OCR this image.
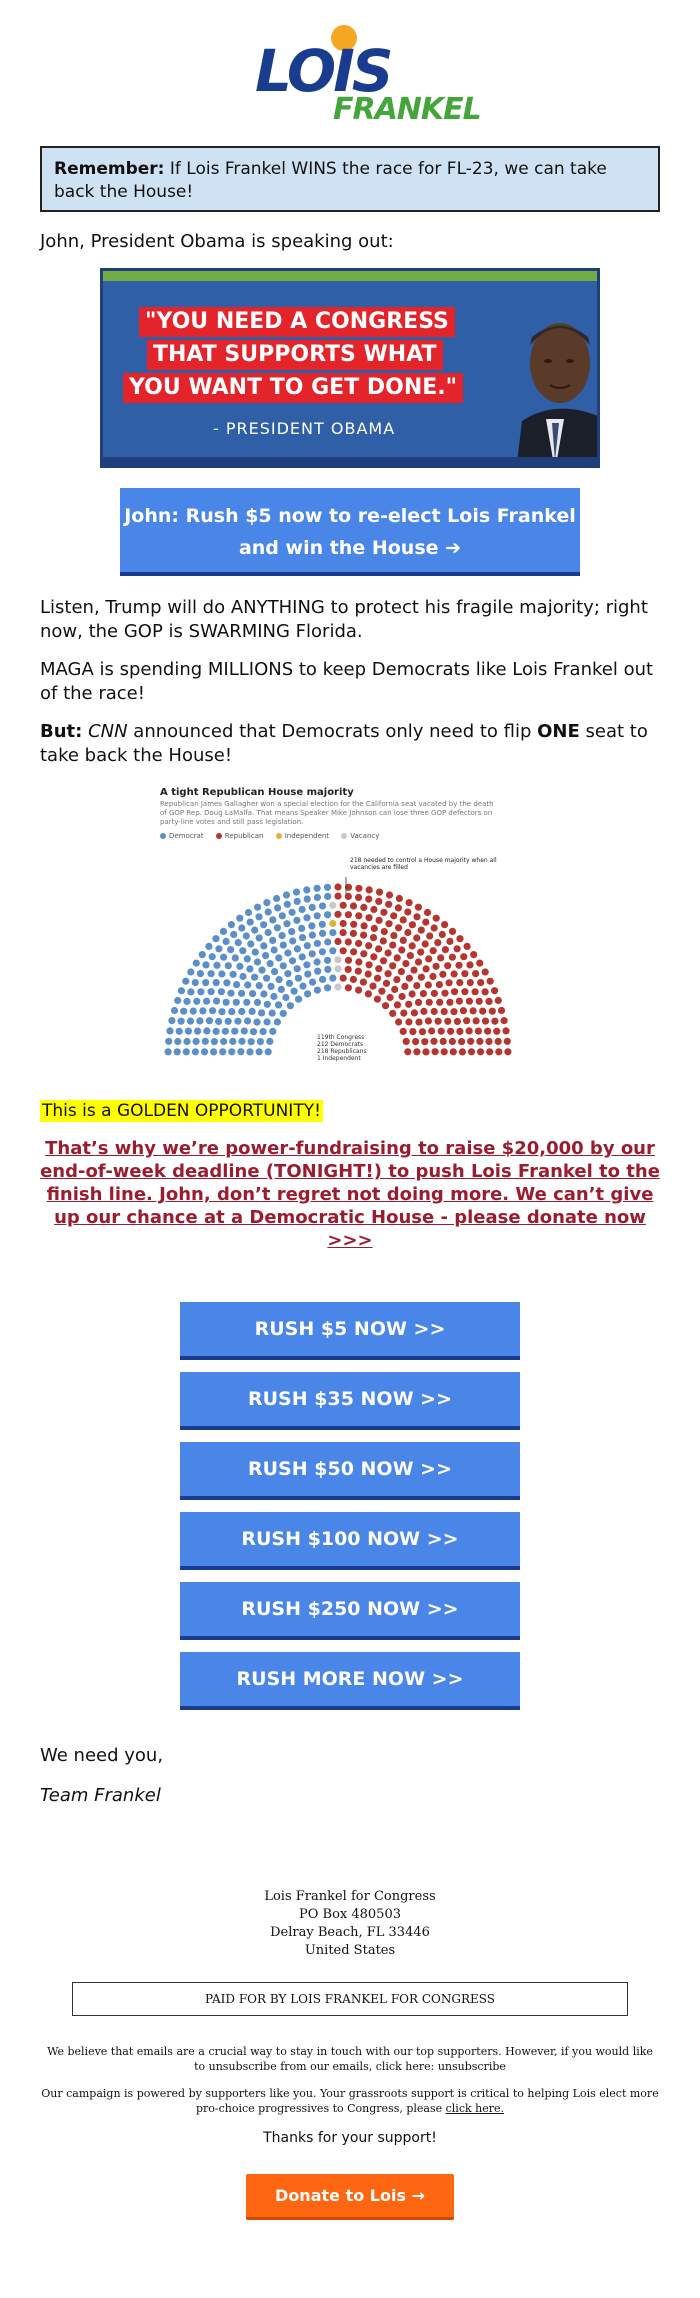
LOIS
FRANKEL
Remember: If Lois Frankel WINS the race for FL-23, we can take back the House!
John, President Obama is speaking out:
"YOU NEED A CONGRESS
THAT SUPPORTS WHAT
YOU WANT TO GET DONE."
- PRESIDENT OBAMA
John: Rush $5 now to re-elect Lois Frankel
and win the House ➔
Listen, Trump will do ANYTHING to protect his fragile majority; right now, the GOP is SWARMING Florida.
MAGA is spending MILLIONS to keep Democrats like Lois Frankel out of the race!
But: CNN announced that Democrats only need to flip ONE seat to take back the House!
A tight Republican House majority
Republican James Gallagher won a special election for the California seat vacated by the death of GOP Rep. Doug LaMalfa. That means Speaker Mike Johnson can lose three GOP defectors on party-line votes and still pass legislation.
Democrat	Republican	Independent	Vacancy
218 needed to control a House majority when all vacancies are filled
119th Congress
212 Democrats
218 Republicans
1 Independent
This is a GOLDEN OPPORTUNITY!
That’s why we’re power-fundraising to raise $20,000 by our end-of-week deadline (TONIGHT!) to push Lois Frankel to the finish line. John, don’t regret not doing more. We can’t give up our chance at a Democratic House - please donate now >>>
RUSH $5 NOW >>
RUSH $35 NOW >>
RUSH $50 NOW >>
RUSH $100 NOW >>
RUSH $250 NOW >>
RUSH MORE NOW >>
We need you,
Team Frankel
Lois Frankel for Congress
PO Box 480503
Delray Beach, FL 33446
United States
PAID FOR BY LOIS FRANKEL FOR CONGRESS
We believe that emails are a crucial way to stay in touch with our top supporters. However, if you would like to unsubscribe from our emails, click here: unsubscribe
Our campaign is powered by supporters like you. Your grassroots support is critical to helping Lois elect more pro-choice progressives to Congress, please click here.
Thanks for your support!
Donate to Lois →
